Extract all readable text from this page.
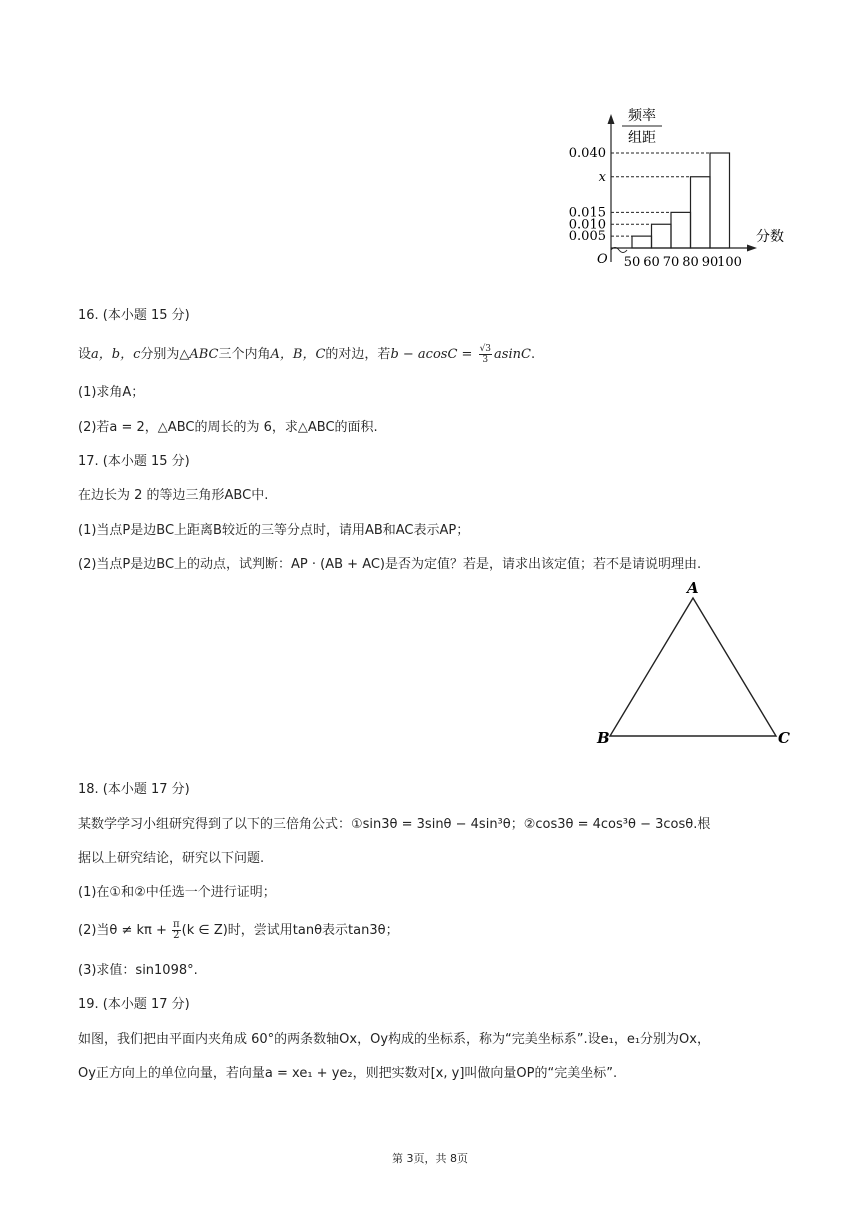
0.040
x
0.015
0.010
0.005
50 60 70 80 90
100
频率
组距
分数
O
16. (本小题 15 分)
设a，b，c分别为△ABC三个内角A，B，C的对边，若$b - acosC = \frac{√3}{3} asinC$.
(1)求角A；
(2)若a = 2，△ABC的周长的为 6，求△ABC的面积.
17. (本小题 15 分)
在边长为 2 的等边三角形ABC中.
(1)当点P是边BC上距离B较近的三等分点时，请用AB和AC表示AP；
(2)当点P是边BC上的动点，试判断：AP · (AB + AC)是否为定值？若是，请求出该定值；若不是请说明理由.
A
B	C
18. (本小题 17 分)
某数学学习小组研究得到了以下的三倍角公式：①sin3θ = 3sinθ − 4sin³θ；②cos3θ = 4cos³θ − 3cosθ.根
据以上研究结论，研究以下问题.
(1)在①和②中任选一个进行证明；
(2)当$\theta \ne k\pi + \frac{\pi}{2} (k$ ∈ Z)时，尝试用tanθ表示tan3θ；
(3)求值：sin1098°.
19. (本小题 17 分)
如图，我们把由平面内夹角成 60°的两条数轴Ox，Oy构成的坐标系，称为“完美坐标系”.设e₁，e₁分别为Ox，
Oy正方向上的单位向量，若向量a = xe₁ + ye₂，则把实数对[x, y]叫做向量OP的“完美坐标”.
第 3页，共 8页
